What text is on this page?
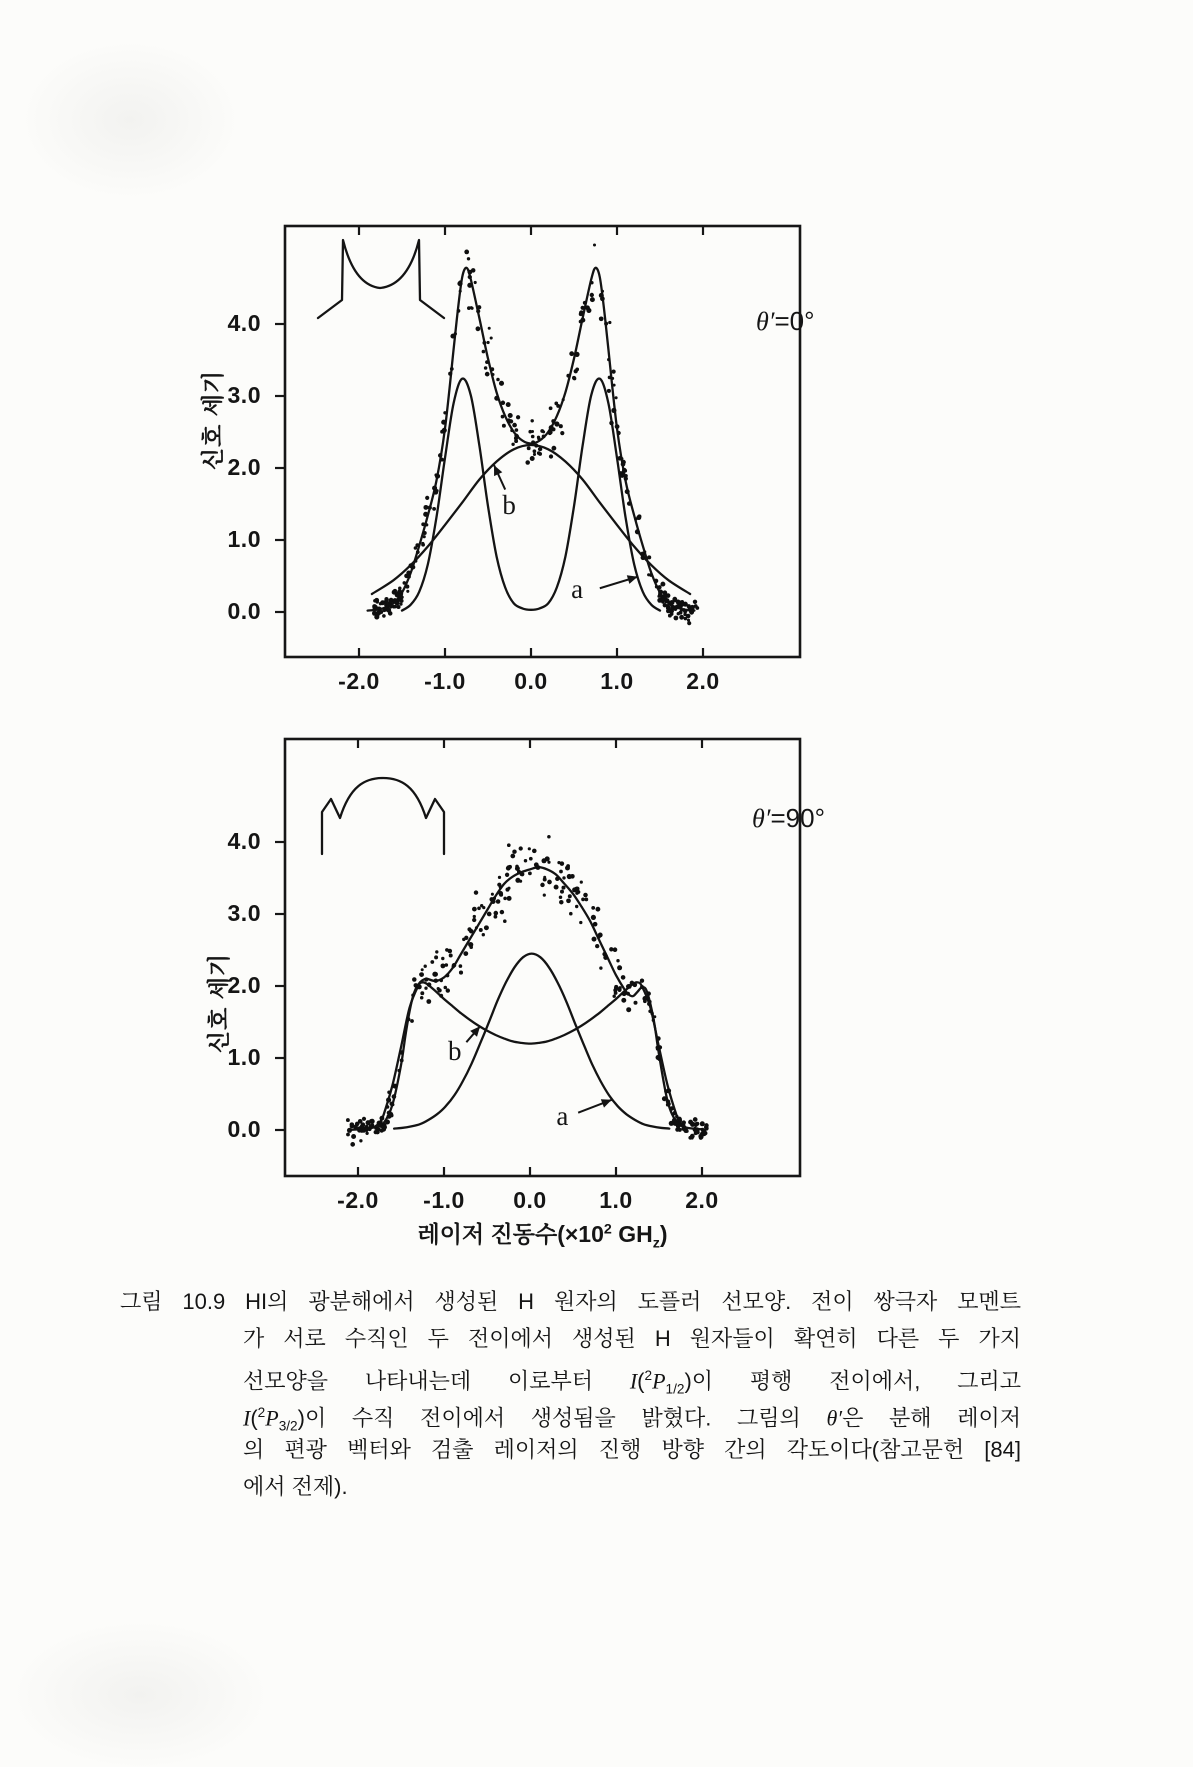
-2.0	-1.0	0.0	1.0	2.0
0.0
1.0
2.0
3.0
4.0
b
a
-2.0	-1.0	0.0	1.0	2.0
0.0
1.0
2.0
3.0
4.0
b
a
신호 세기
신호 세기
θ′=0°
θ′=90°
레이저 진동수($\times 10^2$ $GH_z$)
그림 10.9 HI의 광분해에서 생성된 H 원자의 도플러 선모양. 전이 쌍극자 모멘트
가 서로 수직인 두 전이에서 생성된 H 원자들이 확연히 다른 두 가지
선모양을 나타내는데 이로부터 $I(^2P_{1/2})$이 평행 전이에서, 그리고
$I(^2P_{3/2})$이 수직 전이에서 생성됨을 밝혔다. 그림의 θ′은 분해 레이저
의 편광 벡터와 검출 레이저의 진행 방향 간의 각도이다(참고문헌 [84]
에서 전제).
